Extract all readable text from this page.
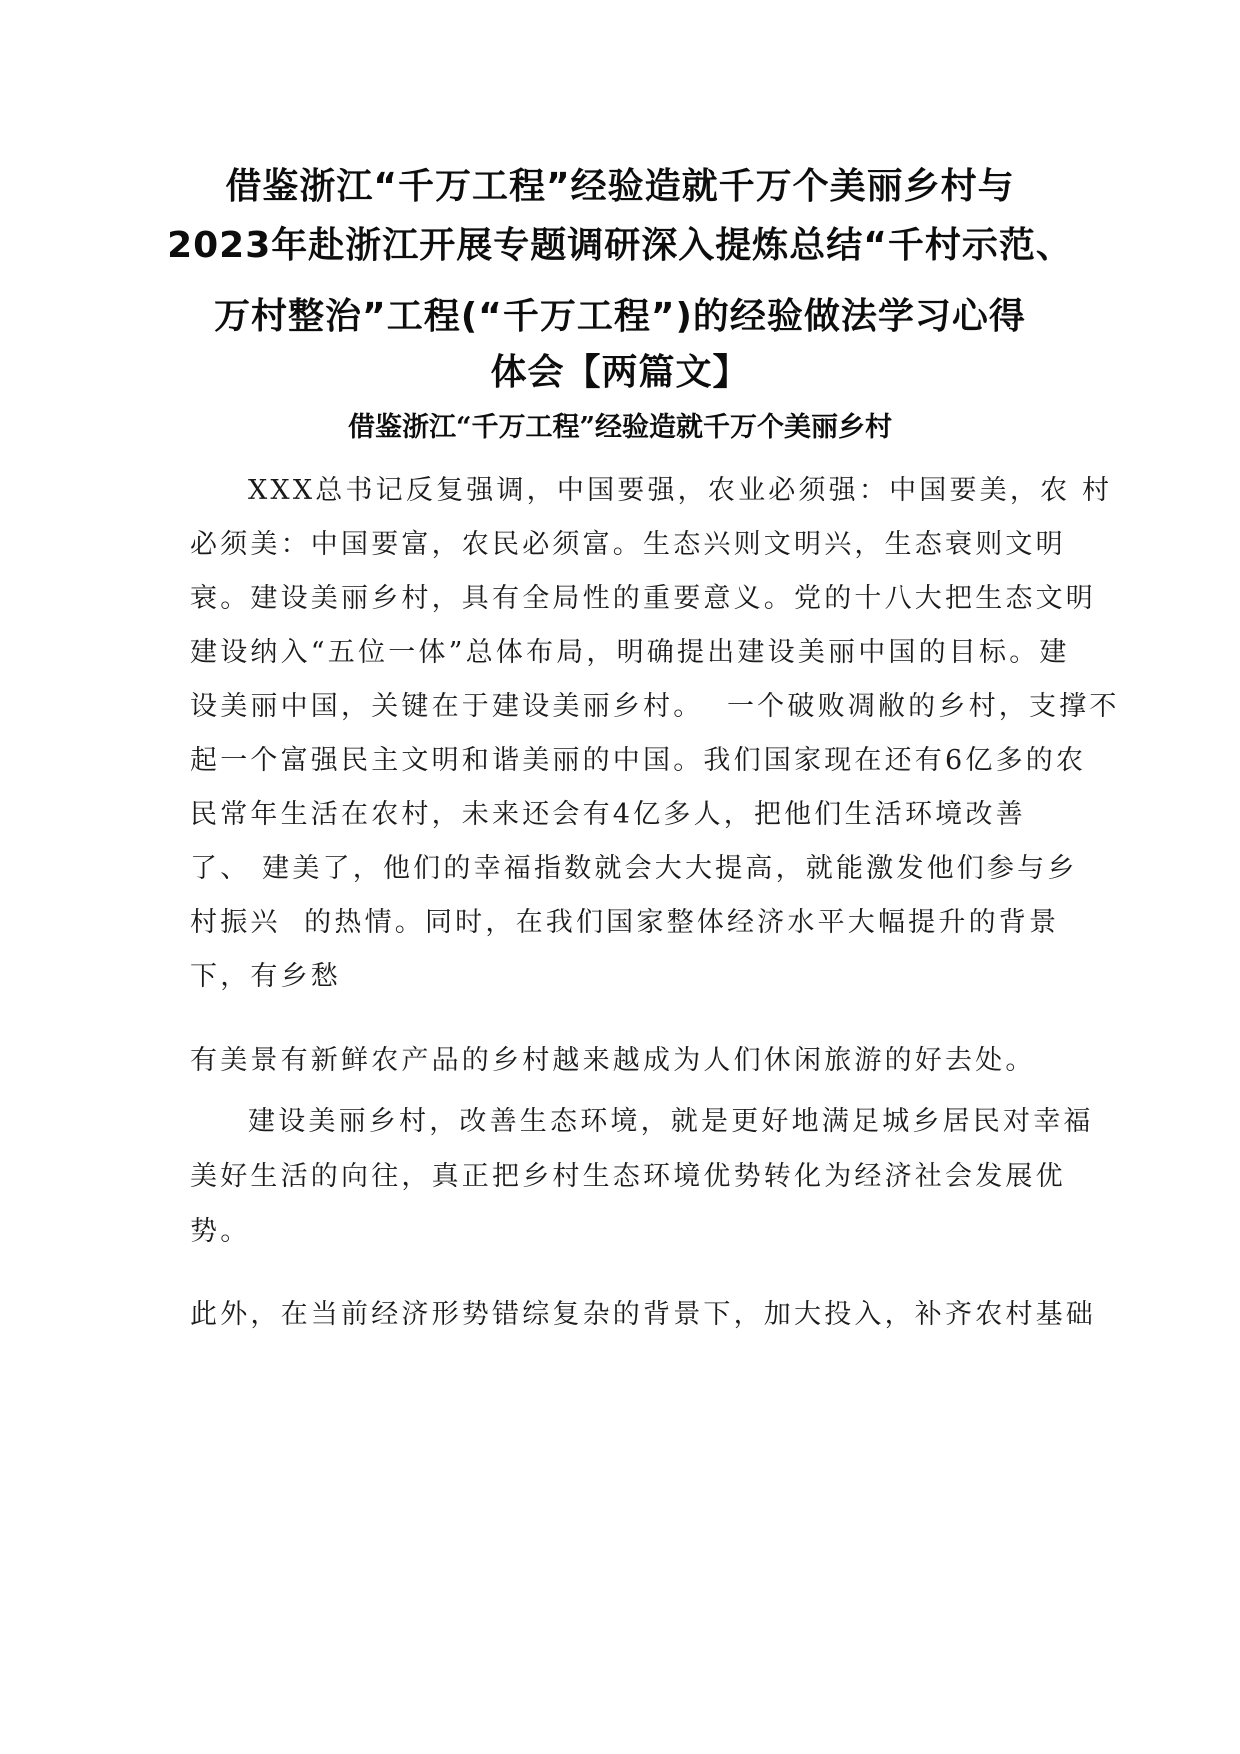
借鉴浙江“千万工程”经验造就千万个美丽乡村与
2023年赴浙江开展专题调研深入提炼总结“千村示范、
万村整治”工程(“千万工程”)的经验做法学习心得
体会【两篇文】
借鉴浙江“千万工程”经验造就千万个美丽乡村
XXX总书记反复强调，中国要强，农业必须强：中国要美，农 村
必须美：中国要富，农民必须富。生态兴则文明兴，生态衰则文明
衰。建设美丽乡村，具有全局性的重要意义。党的十八大把生态文明
建设纳入“五位一体”总体布局，明确提出建设美丽中国的目标。建
设美丽中国，关键在于建设美丽乡村。  一个破败凋敝的乡村，支撑不
起一个富强民主文明和谐美丽的中国。我们国家现在还有6亿多的农
民常年生活在农村，未来还会有4亿多人，把他们生活环境改善
了、 建美了，他们的幸福指数就会大大提高，就能激发他们参与乡
村振兴  的热情。同时，在我们国家整体经济水平大幅提升的背景
下，有乡愁
有美景有新鲜农产品的乡村越来越成为人们休闲旅游的好去处。
建设美丽乡村，改善生态环境，就是更好地满足城乡居民对幸福
美好生活的向往，真正把乡村生态环境优势转化为经济社会发展优
势。
此外，在当前经济形势错综复杂的背景下，加大投入，补齐农村基础
